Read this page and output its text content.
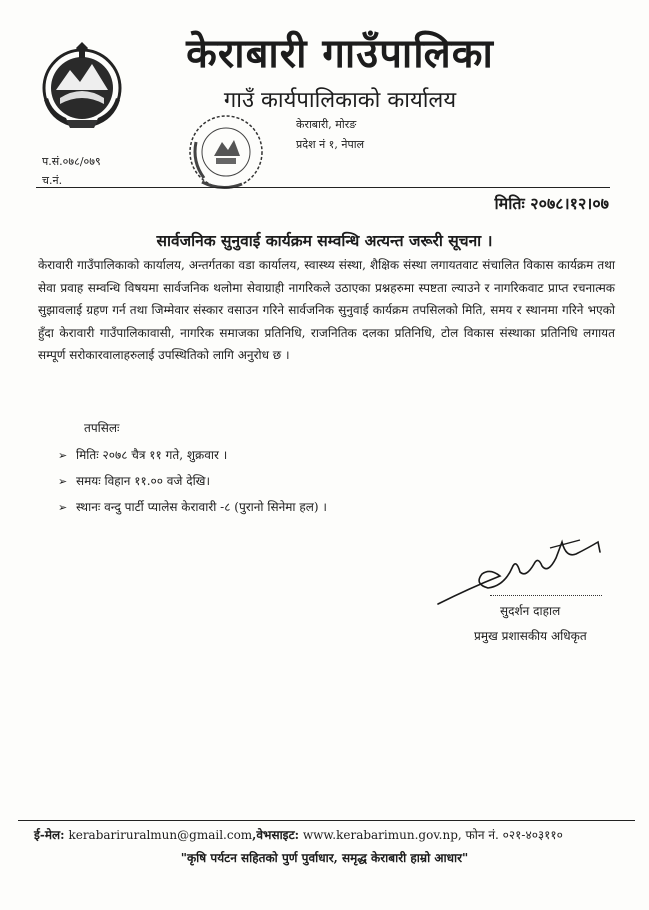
केराबारी गाउँपालिका
गाउँ कार्यपालिकाको कार्यालय
केराबारी, मोरङ
प्रदेश नं १, नेपाल
प.सं.०७८/०७९
च.नं.
मितिः २०७८।१२।०७
सार्वजनिक सुनुवाई कार्यक्रम सम्वन्धि अत्यन्त जरूरी सूचना ।
केरावारी गाउँपालिकाको कार्यालय, अन्तर्गतका वडा कार्यालय, स्वास्थ्य संस्था, शैक्षिक संस्था लगायतवाट संचालित विकास कार्यक्रम तथा सेवा प्रवाह सम्वन्धि विषयमा सार्वजनिक थलोमा सेवाग्राही नागरिकले उठाएका प्रश्नहरुमा स्पष्टता ल्याउने र नागरिकवाट प्राप्त रचनात्मक सुझावलाई ग्रहण गर्न तथा जिम्मेवार संस्कार वसाउन गरिने सार्वजनिक सुनुवाई कार्यक्रम तपसिलको मिति, समय र स्थानमा गरिने भएको हुँदा केरावारी गाउँपालिकावासी, नागरिक समाजका प्रतिनिधि, राजनितिक दलका प्रतिनिधि, टोल विकास संस्थाका प्रतिनिधि लगायत सम्पूर्ण सरोकारवालाहरुलाई उपस्थितिको लागि अनुरोध छ ।
तपसिलः
➢ मितिः २०७८ चैत्र ११ गते, शुक्रवार ।
➢ समयः विहान ११.०० वजे देखि।
➢ स्थानः वन्दु पार्टी प्यालेस केरावारी -८ (पुरानो सिनेमा हल) ।
सुदर्शन दाहाल
प्रमुख प्रशासकीय अधिकृत
ई-मेल: kerabariruralmun@gmail.com,वेभसाइट: www.kerabarimun.gov.np, फोन नं. ०२१-४०३११०
"कृषि पर्यटन सहितको पुर्ण पुर्वाधार, समृद्ध केराबारी हाम्रो आधार"
